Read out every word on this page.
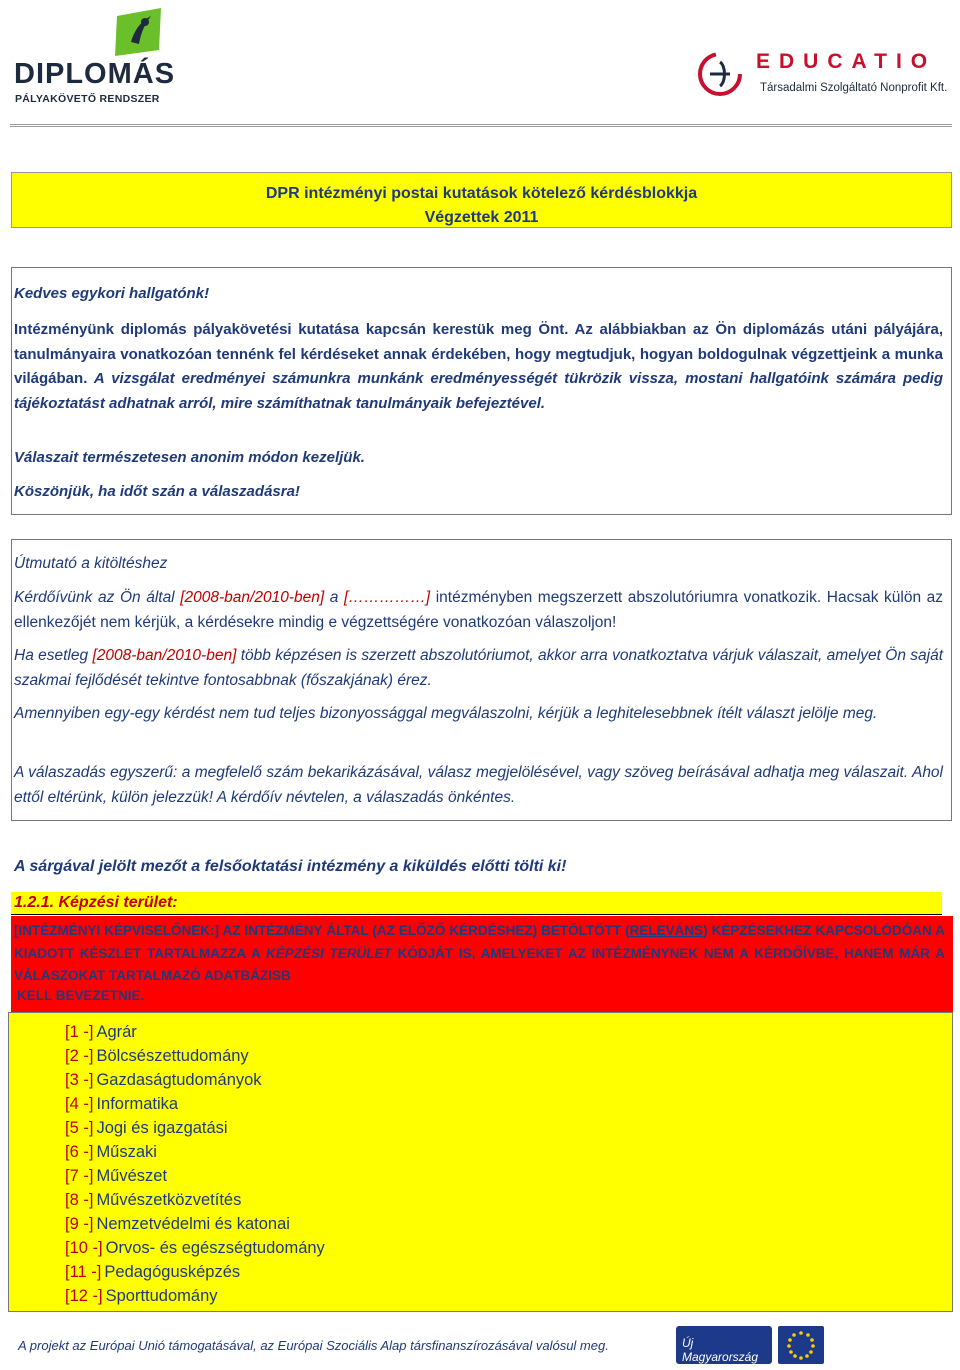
DIPLOMÁS
PÁLYAKÖVETŐ RENDSZER
EDUCATIO
Társadalmi Szolgáltató Nonprofit Kft.
DPR intézményi postai kutatások kötelező kérdésblokkja
Végzettek 2011
Kedves egykori hallgatónk!
Intézményünk diplomás pályakövetési kutatása kapcsán kerestük meg Önt. Az alábbiakban az Ön diplomázás utáni pályájára, tanulmányaira vonatkozóan tennénk fel kérdéseket annak érdekében, hogy megtudjuk, hogyan boldogulnak végzettjeink a munka világában. A vizsgálat eredményei számunkra munkánk eredményességét tükrözik vissza, mostani hallgatóink számára pedig tájékoztatást adhatnak arról, mire számíthatnak tanulmányaik befejeztével.
Válaszait természetesen anonim módon kezeljük.
Köszönjük, ha időt szán a válaszadásra!
Útmutató a kitöltéshez
Kérdőívünk az Ön által [2008-ban/2010-ben] a [……………] intézményben megszerzett abszolutóriumra vonatkozik. Hacsak külön az ellenkezőjét nem kérjük, a kérdésekre mindig e végzettségére vonatkozóan válaszoljon!
Ha esetleg [2008-ban/2010-ben] több képzésen is szerzett abszolutóriumot, akkor arra vonatkoztatva várjuk válaszait, amelyet Ön saját szakmai fejlődését tekintve fontosabbnak (főszakjának) érez.
Amennyiben egy-egy kérdést nem tud teljes bizonyossággal megválaszolni, kérjük a leghitelesebbnek ítélt választ jelölje meg.
A válaszadás egyszerű: a megfelelő szám bekarikázásával, válasz megjelölésével, vagy szöveg beírásával adhatja meg válaszait. Ahol ettől eltérünk, külön jelezzük! A kérdőív névtelen, a válaszadás önkéntes.
A sárgával jelölt mezőt a felsőoktatási intézmény a kiküldés előtti tölti ki!
1.2.1. Képzési terület:
[INTÉZMÉNYI KÉPVISELŐNEK:] AZ INTÉZMÉNY ÁLTAL (AZ ELŐZŐ KÉRDÉSHEZ) BETÖLTÖTT (RELEVÁNS) KÉPZÉSEKHEZ KAPCSOLÓDÓAN A KIADOTT KÉSZLET TARTALMAZZA A KÉPZÉSI TERÜLET KÓDJÁT IS, AMELYEKET AZ INTÉZMÉNYNEK NEM A KÉRDŐÍVBE, HANEM MÁR A VÁLASZOKAT TARTALMAZÓ ADATBÁZISB
KELL BEVEZETNIE.
[1 -] Agrár
[2 -] Bölcsészettudomány
[3 -] Gazdaságtudományok
[4 -] Informatika
[5 -] Jogi és igazgatási
[6 -] Műszaki
[7 -] Művészet
[8 -] Művészetközvetítés
[9 -] Nemzetvédelmi és katonai
[10 -] Orvos- és egészségtudomány
[11 -] Pedagógusképzés
[12 -] Sporttudomány
A projekt az Európai Unió támogatásával, az Európai Szociális Alap társfinanszírozásával valósul meg.	Új Magyarország
